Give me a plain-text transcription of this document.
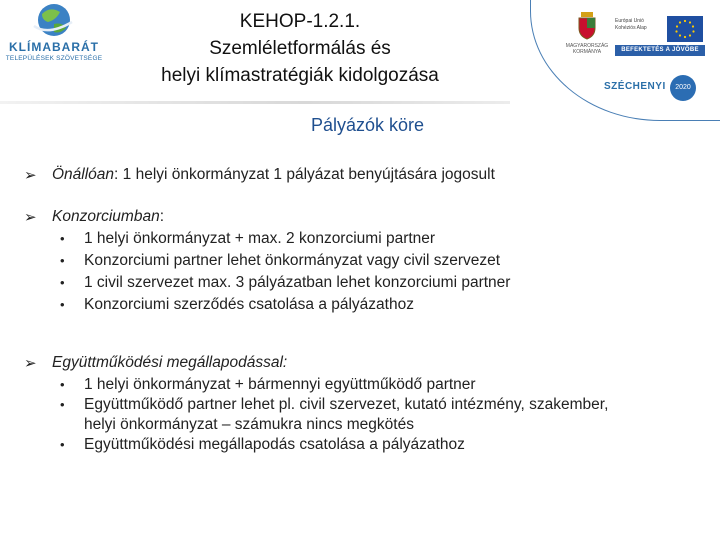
KLÍMABARÁT
TELEPÜLÉSEK SZÖVETSÉGE
KEHOP-1.2.1.
Szemléletformálás és
helyi klímastratégiák kidolgozása
MAGYARORSZÁG KORMÁNYA
Európai Unió
Kohéziós Alap
BEFEKTETÉS A JÖVŐBE
SZÉCHENYI	2020
Pályázók köre
➢ Önállóan: 1 helyi önkormányzat 1 pályázat benyújtására jogosult
➢ Konzorciumban:
• 1 helyi önkormányzat + max. 2 konzorciumi partner
• Konzorciumi partner lehet önkormányzat vagy civil szervezet
• 1 civil szervezet max. 3 pályázatban lehet konzorciumi partner
• Konzorciumi szerződés csatolása a pályázathoz
➢ Együttműködési megállapodással:
• 1 helyi önkormányzat + bármennyi együttműködő partner
• Együttműködő partner lehet pl. civil szervezet, kutató intézmény, szakember,
helyi önkormányzat – számukra nincs megkötés
• Együttműködési megállapodás csatolása a pályázathoz
